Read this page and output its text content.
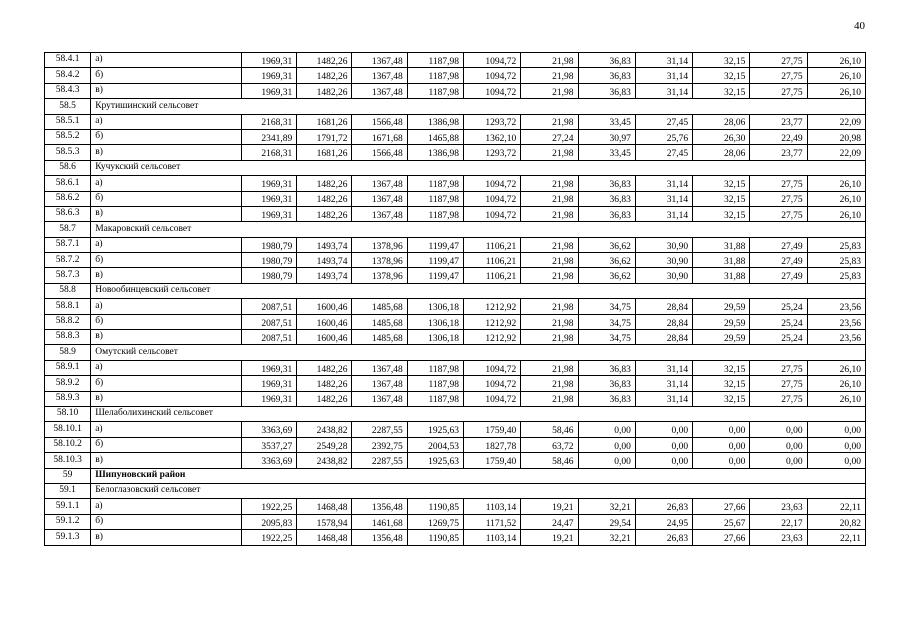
40
58.4.1	а)	1969,31	1482,26	1367,48	1187,98	1094,72	21,98	36,83	31,14	32,15	27,75	26,10
58.4.2	б)	1969,31	1482,26	1367,48	1187,98	1094,72	21,98	36,83	31,14	32,15	27,75	26,10
58.4.3	в)	1969,31	1482,26	1367,48	1187,98	1094,72	21,98	36,83	31,14	32,15	27,75	26,10
58.5	Крутишинский сельсовет											
58.5.1	а)	2168,31	1681,26	1566,48	1386,98	1293,72	21,98	33,45	27,45	28,06	23,77	22,09
58.5.2	б)	2341,89	1791,72	1671,68	1465,88	1362,10	27,24	30,97	25,76	26,30	22,49	20,98
58.5.3	в)	2168,31	1681,26	1566,48	1386,98	1293,72	21,98	33,45	27,45	28,06	23,77	22,09
58.6	Кучукский сельсовет											
58.6.1	а)	1969,31	1482,26	1367,48	1187,98	1094,72	21,98	36,83	31,14	32,15	27,75	26,10
58.6.2	б)	1969,31	1482,26	1367,48	1187,98	1094,72	21,98	36,83	31,14	32,15	27,75	26,10
58.6.3	в)	1969,31	1482,26	1367,48	1187,98	1094,72	21,98	36,83	31,14	32,15	27,75	26,10
58.7	Макаровский сельсовет											
58.7.1	а)	1980,79	1493,74	1378,96	1199,47	1106,21	21,98	36,62	30,90	31,88	27,49	25,83
58.7.2	б)	1980,79	1493,74	1378,96	1199,47	1106,21	21,98	36,62	30,90	31,88	27,49	25,83
58.7.3	в)	1980,79	1493,74	1378,96	1199,47	1106,21	21,98	36,62	30,90	31,88	27,49	25,83
58.8	Новообинцевский сельсовет											
58.8.1	а)	2087,51	1600,46	1485,68	1306,18	1212,92	21,98	34,75	28,84	29,59	25,24	23,56
58.8.2	б)	2087,51	1600,46	1485,68	1306,18	1212,92	21,98	34,75	28,84	29,59	25,24	23,56
58.8.3	в)	2087,51	1600,46	1485,68	1306,18	1212,92	21,98	34,75	28,84	29,59	25,24	23,56
58.9	Омутский сельсовет											
58.9.1	а)	1969,31	1482,26	1367,48	1187,98	1094,72	21,98	36,83	31,14	32,15	27,75	26,10
58.9.2	б)	1969,31	1482,26	1367,48	1187,98	1094,72	21,98	36,83	31,14	32,15	27,75	26,10
58.9.3	в)	1969,31	1482,26	1367,48	1187,98	1094,72	21,98	36,83	31,14	32,15	27,75	26,10
58.10	Шелаболихинский сельсовет											
58.10.1	а)	3363,69	2438,82	2287,55	1925,63	1759,40	58,46	0,00	0,00	0,00	0,00	0,00
58.10.2	б)	3537,27	2549,28	2392,75	2004,53	1827,78	63,72	0,00	0,00	0,00	0,00	0,00
58.10.3	в)	3363,69	2438,82	2287,55	1925,63	1759,40	58,46	0,00	0,00	0,00	0,00	0,00
59	Шипуновский район											
59.1	Белоглазовский сельсовет											
59.1.1	а)	1922,25	1468,48	1356,48	1190,85	1103,14	19,21	32,21	26,83	27,66	23,63	22,11
59.1.2	б)	2095,83	1578,94	1461,68	1269,75	1171,52	24,47	29,54	24,95	25,67	22,17	20,82
59.1.3	в)	1922,25	1468,48	1356,48	1190,85	1103,14	19,21	32,21	26,83	27,66	23,63	22,11
